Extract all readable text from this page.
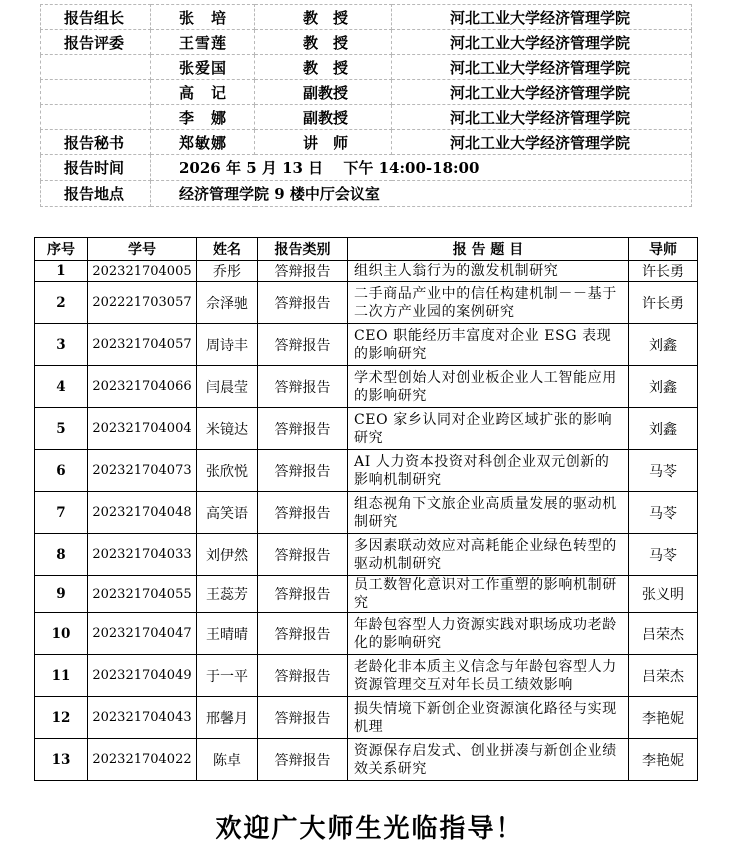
报告组长	张　培	教　授	河北工业大学经济管理学院
报告评委	王雪莲	教　授	河北工业大学经济管理学院
	张爱国	教　授	河北工业大学经济管理学院
	高　记	副教授	河北工业大学经济管理学院
	李　娜	副教授	河北工业大学经济管理学院
报告秘书	郑敏娜	讲　师	河北工业大学经济管理学院
报告时间	2026 年 5 月 13 日　 下午 14:00-18:00		
报告地点	经济管理学院 9 楼中厅会议室		
序号	学号	姓名	报告类别	报 告 题 目	导师
1	202321704005	乔彤	答辩报告	组织主人翁行为的激发机制研究	许长勇
2	202221703057	佘泽驰	答辩报告	二手商品产业中的信任构建机制－－基于二次方产业园的案例研究	许长勇
3	202321704057	周诗丰	答辩报告	CEO 职能经历丰富度对企业 ESG 表现的影响研究	刘鑫
4	202321704066	闫晨莹	答辩报告	学术型创始人对创业板企业人工智能应用的影响研究	刘鑫
5	202321704004	米镜达	答辩报告	CEO 家乡认同对企业跨区域扩张的影响研究	刘鑫
6	202321704073	张欣悦	答辩报告	AI 人力资本投资对科创企业双元创新的影响机制研究	马苓
7	202321704048	高笑语	答辩报告	组态视角下文旅企业高质量发展的驱动机制研究	马苓
8	202321704033	刘伊然	答辩报告	多因素联动效应对高耗能企业绿色转型的驱动机制研究	马苓
9	202321704055	王蕊芳	答辩报告	员工数智化意识对工作重塑的影响机制研究	张义明
10	202321704047	王晴晴	答辩报告	年龄包容型人力资源实践对职场成功老龄化的影响研究	吕荣杰
11	202321704049	于一平	答辩报告	老龄化非本质主义信念与年龄包容型人力资源管理交互对年长员工绩效影响	吕荣杰
12	202321704043	邢馨月	答辩报告	损失情境下新创企业资源演化路径与实现机理	李艳妮
13	202321704022	陈卓	答辩报告	资源保存启发式、创业拼凑与新创企业绩效关系研究	李艳妮
欢迎广大师生光临指导！
